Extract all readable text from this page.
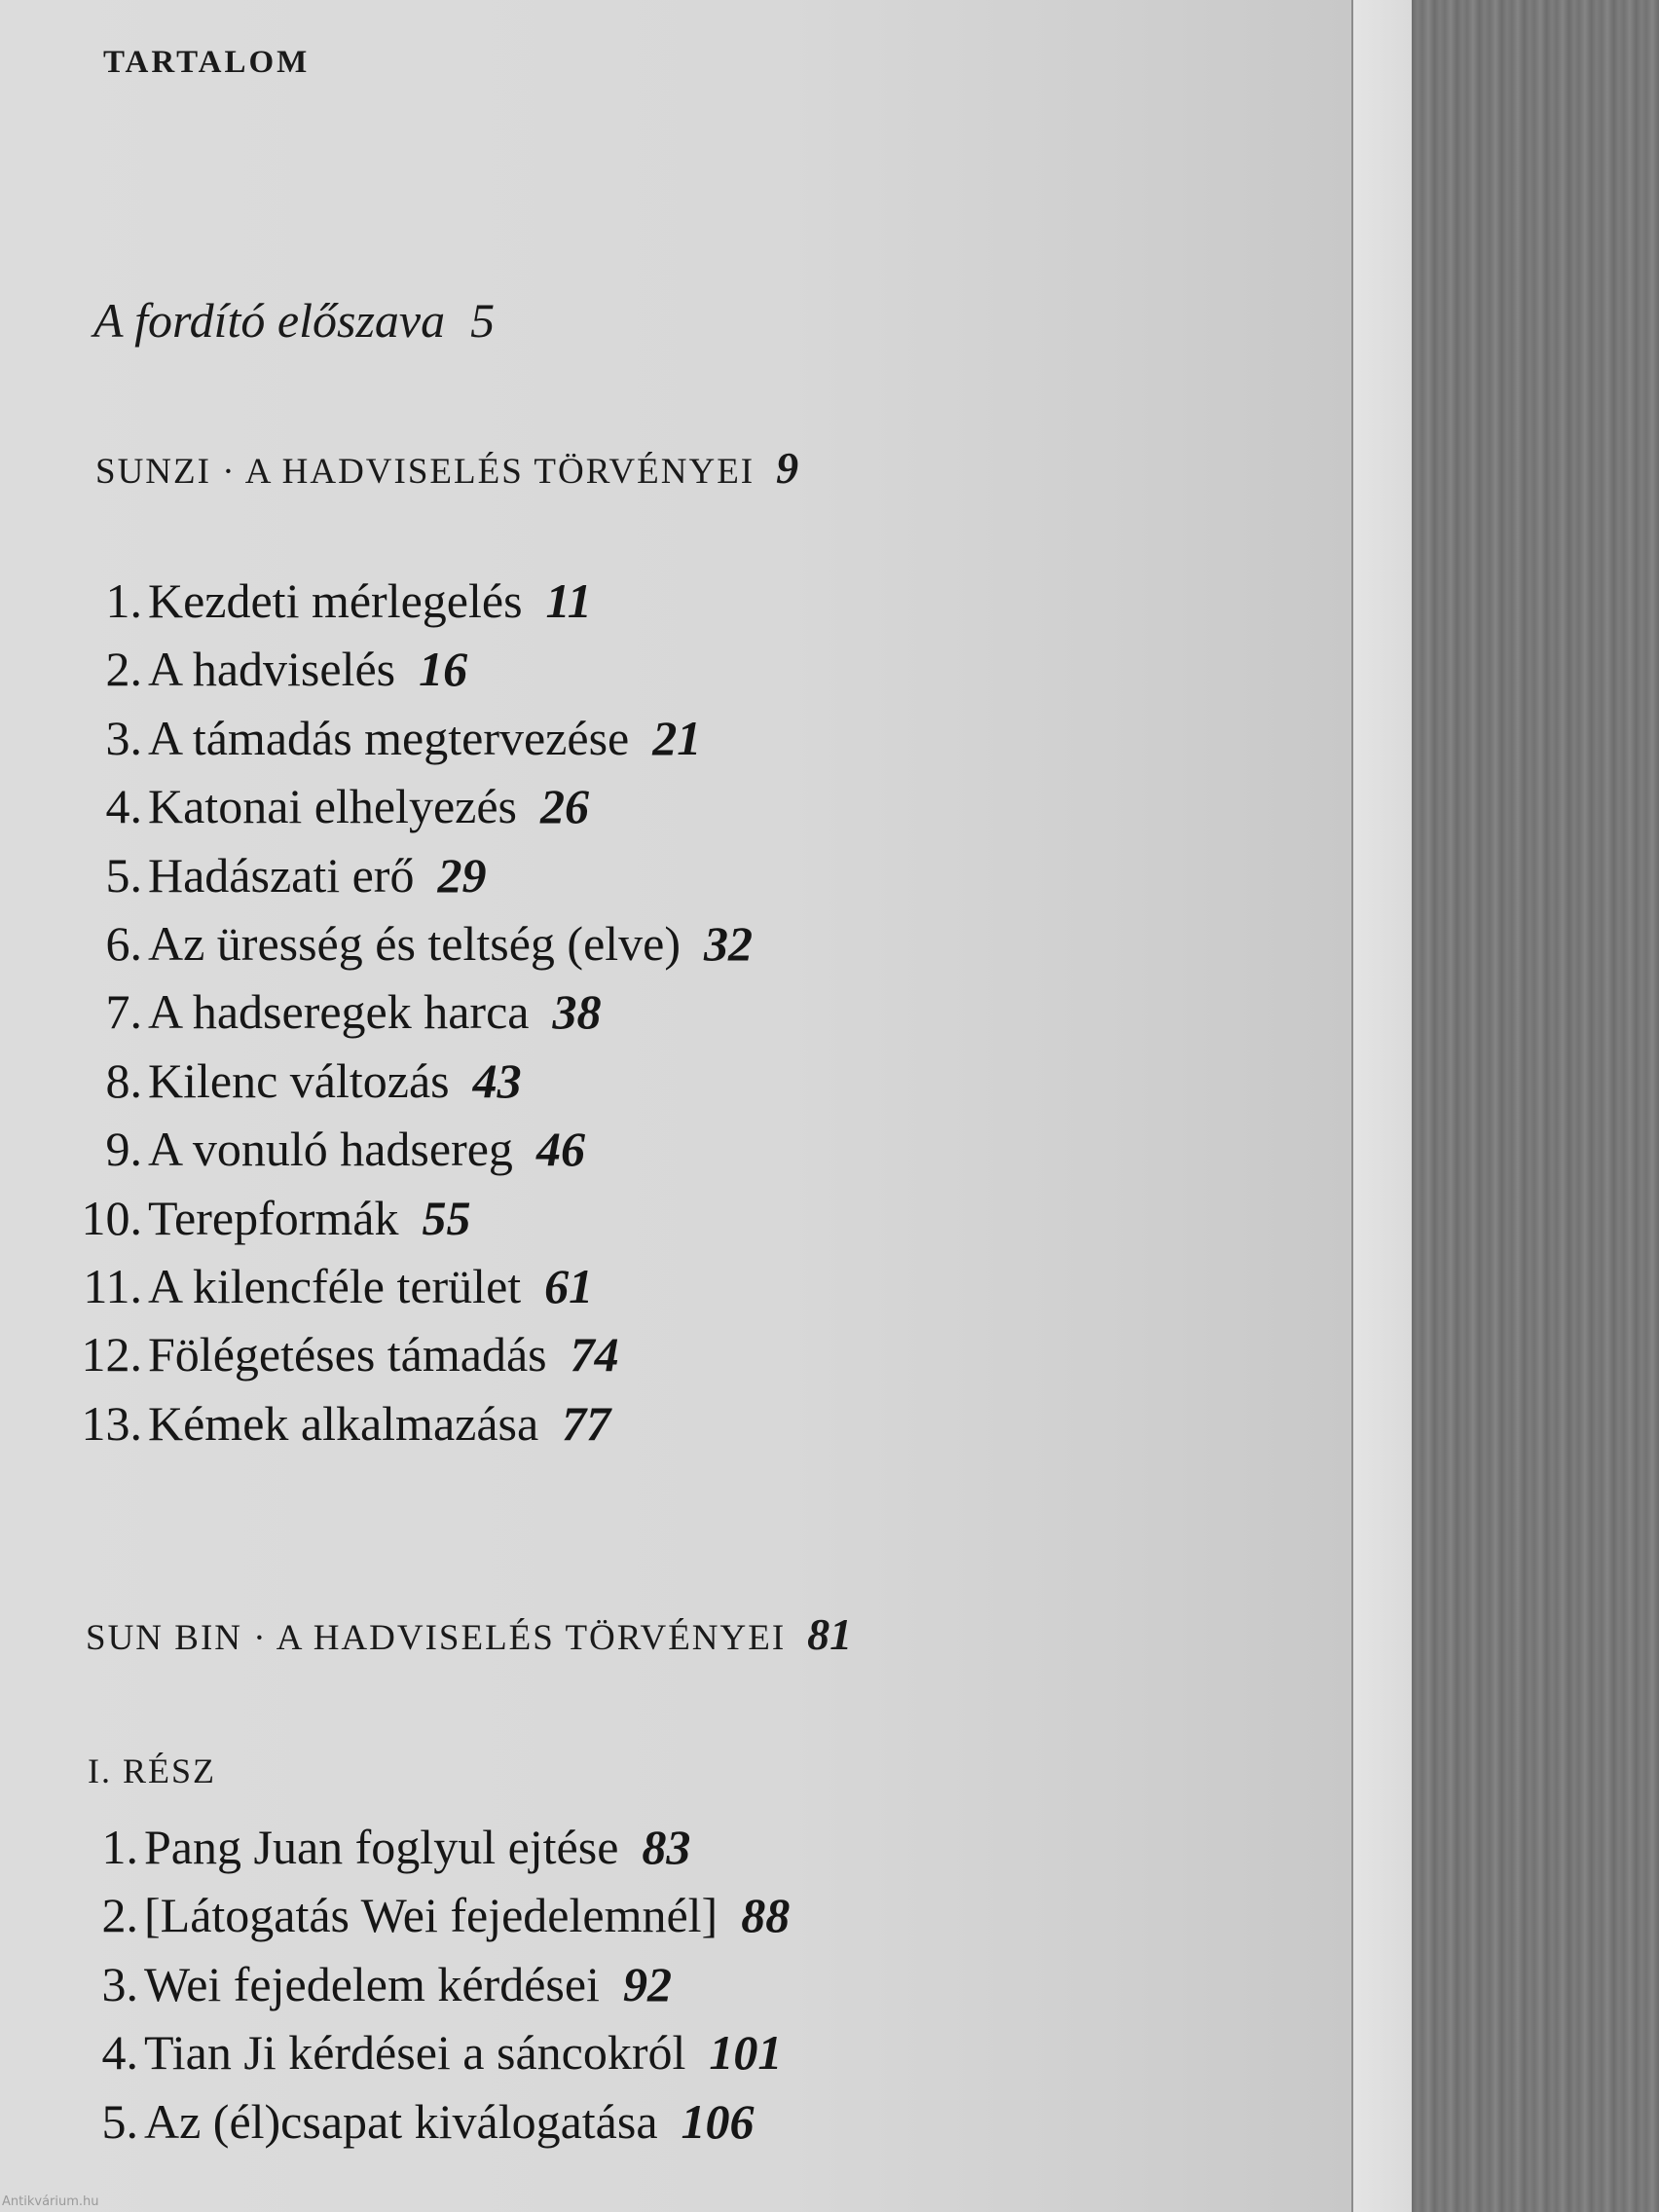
TARTALOM
A fordító előszava 5
SUNZI · A HADVISELÉS TÖRVÉNYEI 9
1. Kezdeti mérlegelés 11
2. A hadviselés 16
3. A támadás megtervezése 21
4. Katonai elhelyezés 26
5. Hadászati erő 29
6. Az üresség és teltség (elve) 32
7. A hadseregek harca 38
8. Kilenc változás 43
9. A vonuló hadsereg 46
10. Terepformák 55
11. A kilencféle terület 61
12. Fölégetéses támadás 74
13. Kémek alkalmazása 77
SUN BIN · A HADVISELÉS TÖRVÉNYEI 81
I. RÉSZ
1. Pang Juan foglyul ejtése 83
2. [Látogatás Wei fejedelemnél] 88
3. Wei fejedelem kérdései 92
4. Tian Ji kérdései a sáncokról 101
5. Az (él)csapat kiválogatása 106
Antikvárium.hu
